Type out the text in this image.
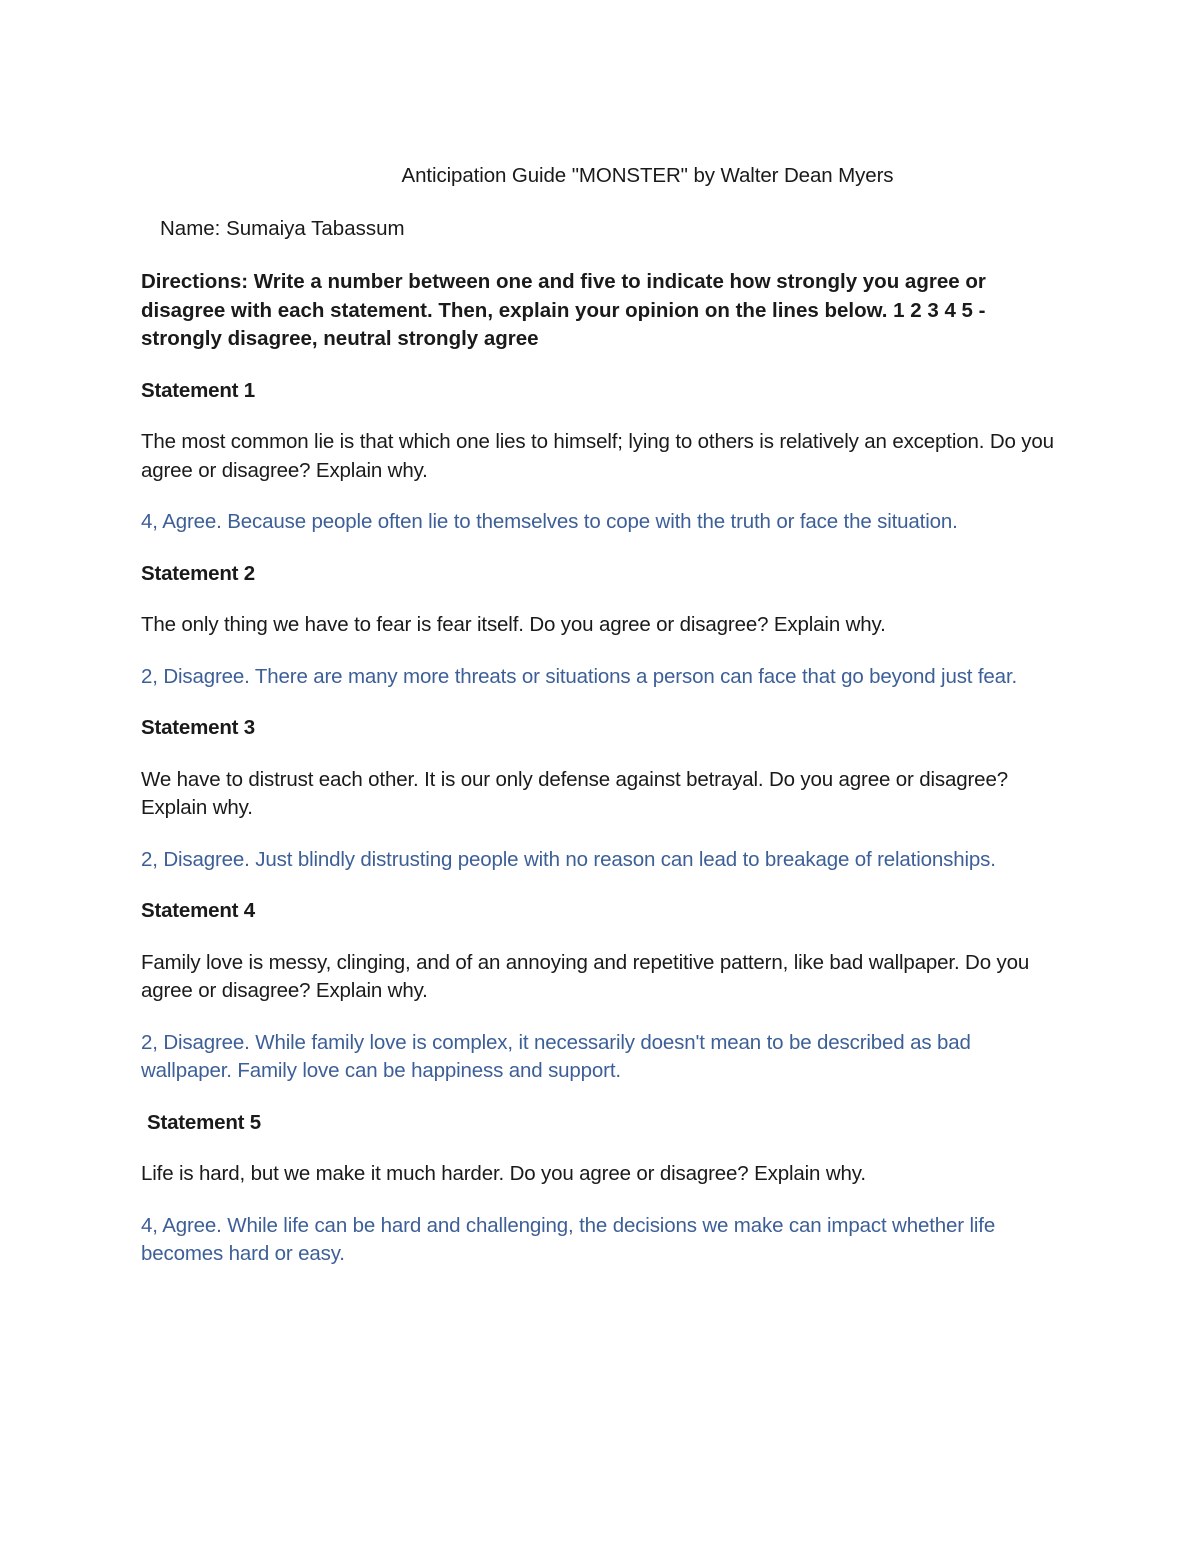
Anticipation Guide "MONSTER" by Walter Dean Myers
Name: Sumaiya Tabassum

Directions: Write a number between one and five to indicate how strongly you agree or disagree with each statement. Then, explain your opinion on the lines below. 1 2 3 4 5 - strongly disagree, neutral strongly agree

Statement 1

The most common lie is that which one lies to himself; lying to others is relatively an exception. Do you agree or disagree? Explain why.

4, Agree. Because people often lie to themselves to cope with the truth or face the situation.

Statement 2

The only thing we have to fear is fear itself. Do you agree or disagree? Explain why.

2, Disagree. There are many more threats or situations a person can face that go beyond just fear.

Statement 3

We have to distrust each other. It is our only defense against betrayal. Do you agree or disagree? Explain why.

2, Disagree. Just blindly distrusting people with no reason can lead to breakage of relationships.

Statement 4

Family love is messy, clinging, and of an annoying and repetitive pattern, like bad wallpaper. Do you agree or disagree? Explain why.

2, Disagree. While family love is complex, it necessarily doesn't mean to be described as bad wallpaper. Family love can be happiness and support.

Statement 5

Life is hard, but we make it much harder. Do you agree or disagree? Explain why.

4, Agree. While life can be hard and challenging, the decisions we make can impact whether life becomes hard or easy.
